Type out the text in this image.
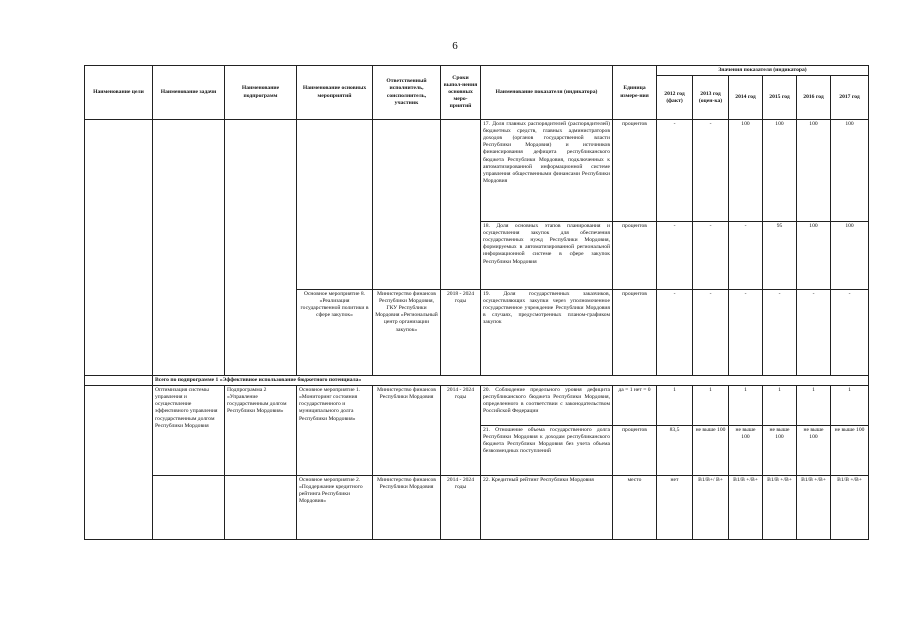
6
Наименование цели	Наименование задачи	Наименование подпрограмм	Наименование основных мероприятий	Ответственный исполнитель, соисполнитель, участник	Сроки выпол-нения основных меро-приятий	Наименование показателя (индикатора)	Единица измере-ния	Значения показателя (индикатора)					
								2012 год (факт)	2013 год (оцен-ка)	2014 год	2015 год	2016 год	2017 год
						17. Доля главных распорядителей (распорядителей) бюджетных средств, главных администраторов доходов (органов государственной власти Республики Мордовия) и источников финансирования дефицита республиканского бюджета Республики Мордовия, подключенных к автоматизированной информационной системе управления общественными финансами Республики Мордовия	процентов	-	-	100	100	100	100
						18. Доля основных этапов планирования и осуществления закупок для обеспечения государственных нужд Республики Мордовия, формируемых в автоматизированной региональной информационной системе в сфере закупок Республики Мордовия	процентов	-	-	-	95	100	100
			Основное мероприятие 8. «Реализация государственной политики в сфере закупок»	Министерство финансов Республики Мордовия, ГКУ Республики Мордовия «Региональный центр организации закупок»	2018 - 2024 годы	19. Доля государственных заказчиков, осуществляющих закупки через уполномоченное государственное учреждение Республики Мордовия в случаях, предусмотренных планом-графиком закупок	процентов	-	-	-	-	-	-
	Всего по подпрограмме 1 «Эффективное использование бюджетного потенциала»												
	Оптимизация системы управления и осуществление эффективного управления государственным долгом Республики Мордовия	Подпрограмма 2 «Управление государственным долгом Республики Мордовия»	Основное мероприятие 1. «Мониторинг состояния государственного и муниципального долга Республики Мордовия»	Министерство финансов Республики Мордовия	2014 - 2024 годы	20. Соблюдение предельного уровня дефицита республиканского бюджета Республики Мордовия, определенного в соответствии с законодательством Российской Федерации	да = 1 нет = 0	1	1	1	1	1	1
						21. Отношение объема государственного долга Республики Мордовия к доходам республиканского бюджета Республики Мордовия без учета объема безвозмездных поступлений	процентов	83,5	не выше 100	не выше 100	не выше 100	не выше 100	не выше 100
			Основное мероприятие 2. «Поддержание кредитного рейтинга Республики Мордовия»	Министерство финансов Республики Мордовия	2014 - 2024 годы	22. Кредитный рейтинг Республики Мордовия	место	нет	B1/B+/ B+	B1/B +/B+	B1/B +/B+	B1/B +/B+	B1/B +/B+
